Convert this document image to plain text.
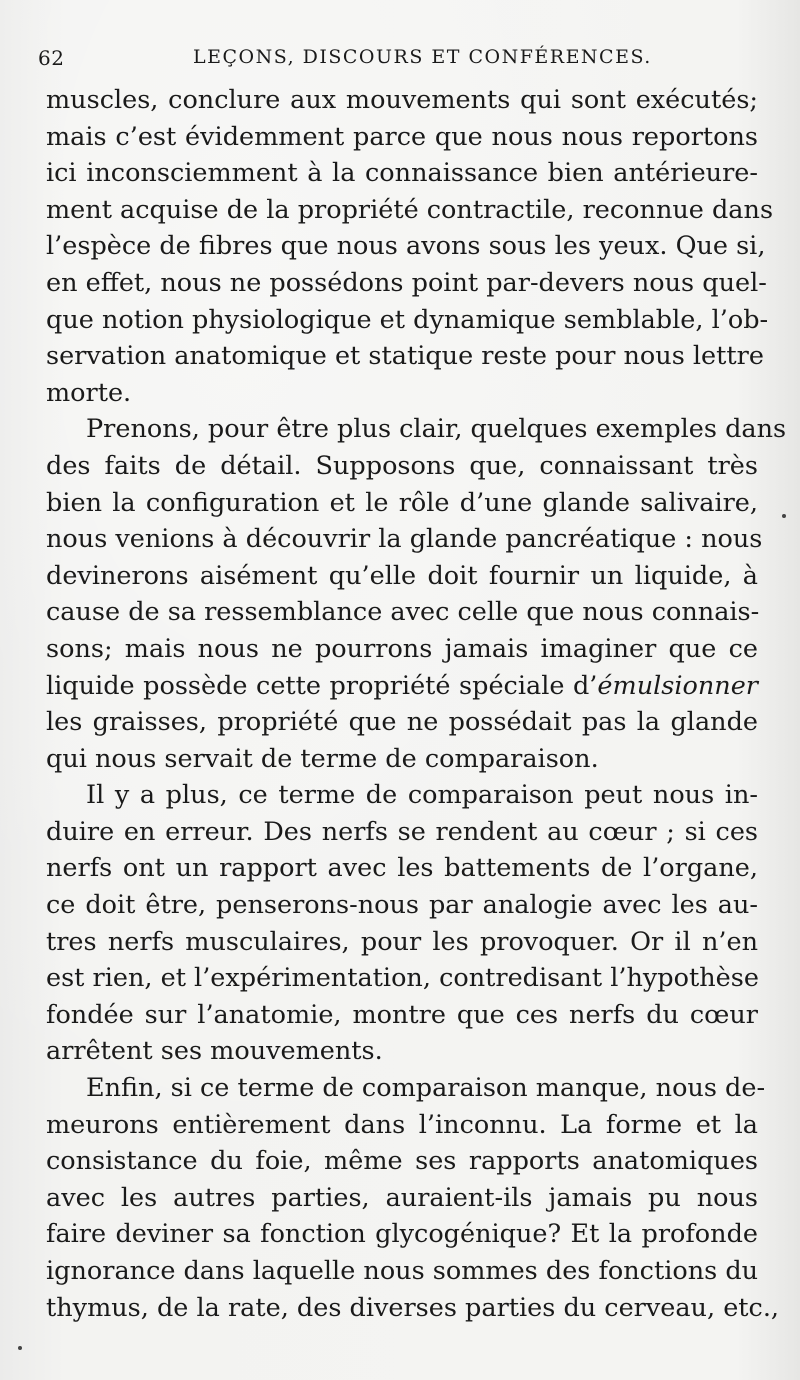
62	LEÇONS, DISCOURS ET CONFÉRENCES.
muscles, conclure aux mouvements qui sont exécutés;
mais c’est évidemment parce que nous nous reportons
ici inconsciemment à la connaissance bien antérieure-
ment acquise de la propriété contractile, reconnue dans
l’espèce de fibres que nous avons sous les yeux. Que si,
en effet, nous ne possédons point par-devers nous quel-
que notion physiologique et dynamique semblable, l’ob-
servation anatomique et statique reste pour nous lettre
morte.
Prenons, pour être plus clair, quelques exemples dans
des faits de détail. Supposons que, connaissant très
bien la configuration et le rôle d’une glande salivaire,
nous venions à découvrir la glande pancréatique : nous
devinerons aisément qu’elle doit fournir un liquide, à
cause de sa ressemblance avec celle que nous connais-
sons; mais nous ne pourrons jamais imaginer que ce
liquide possède cette propriété spéciale d’émulsionner
les graisses, propriété que ne possédait pas la glande
qui nous servait de terme de comparaison.
Il y a plus, ce terme de comparaison peut nous in-
duire en erreur. Des nerfs se rendent au cœur ; si ces
nerfs ont un rapport avec les battements de l’organe,
ce doit être, penserons-nous par analogie avec les au-
tres nerfs musculaires, pour les provoquer. Or il n’en
est rien, et l’expérimentation, contredisant l’hypothèse
fondée sur l’anatomie, montre que ces nerfs du cœur
arrêtent ses mouvements.
Enfin, si ce terme de comparaison manque, nous de-
meurons entièrement dans l’inconnu. La forme et la
consistance du foie, même ses rapports anatomiques
avec les autres parties, auraient-ils jamais pu nous
faire deviner sa fonction glycogénique? Et la profonde
ignorance dans laquelle nous sommes des fonctions du
thymus, de la rate, des diverses parties du cerveau, etc.,
